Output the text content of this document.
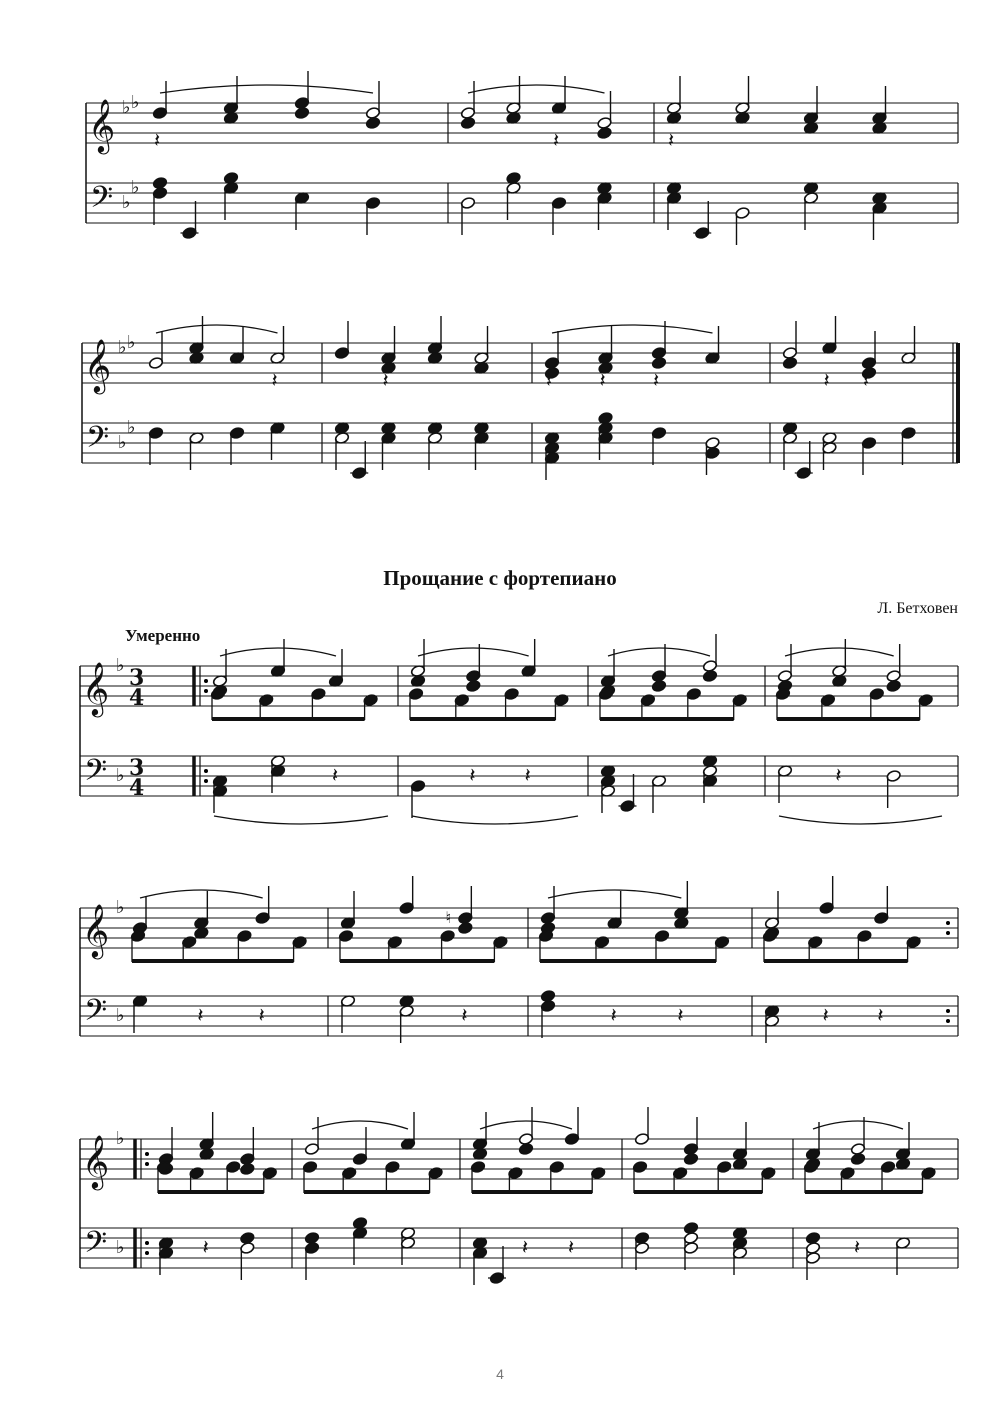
𝄞
𝄢
♭ ♭
♭
♭
𝄽	𝄽	𝄽
𝄞
𝄢
♭ ♭
♭
♭
𝄽	𝄽	𝄽 𝄽 𝄽	𝄽 𝄽
𝄞
𝄢
♭
♭
3
4
3
4	𝄽	𝄽 𝄽	𝄽
𝄞
𝄢
♭
♭	𝄽	𝄽
♮
𝄽	𝄽	𝄽	𝄽 𝄽
𝄞
𝄢
♭
♭	𝄽	𝄽 𝄽	𝄽
Прощание с фортепиано
Л. Бетховен
Умеренно
4
